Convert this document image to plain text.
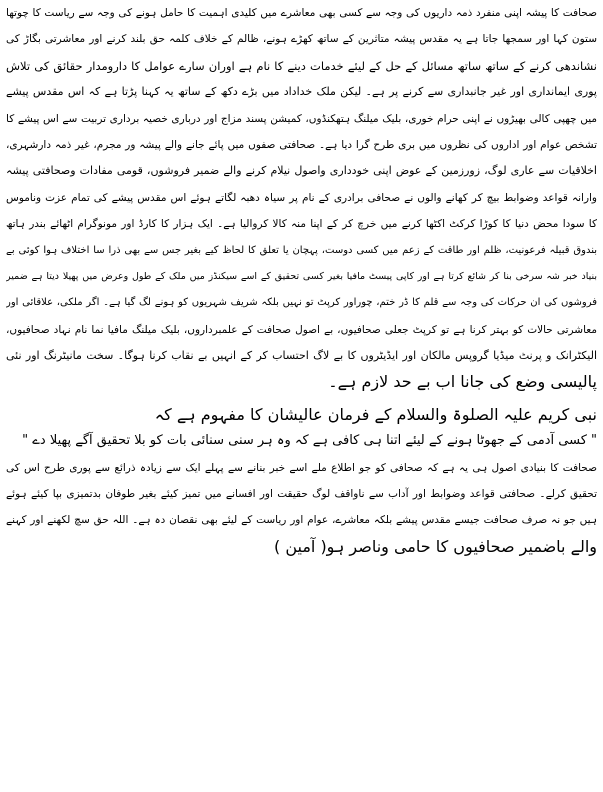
صحافت کا پیشہ اپنی منفرد ذمہ داریوں کی وجہ سے کسی بھی معاشرے میں کلیدی اہمیت کا حامل ہونے کی وجہ سے ریاست کا چوتھا
ستون کہا اور سمجھا جاتا ہے یہ مقدس پیشہ متاثرین کے ساتھ کھڑے ہونے، ظالم کے خلاف کلمہ حق بلند کرنے اور معاشرتی بگاڑ کی
نشاندھی کرنے کے ساتھ ساتھ مسائل کے حل کے لیئے خدمات دینے کا نام ہے اوران سارے عوامل کا دارومدار حقائق کی تلاش
پوری ایمانداری اور غیر جانبداری سے کرنے پر ہے۔ لیکن ملک خداداد میں بڑے دکھ کے ساتھ یہ کہنا پڑتا ہے کہ اس مقدس پیشے
میں چھپی کالی بھیڑوں نے اپنی حرام خوری، بلیک میلنگ ہتھکنڈوں، کمیشن پسند مزاج اور درباری خصیہ برداری تربیت سے اس پیشے کا
تشخص عوام اور اداروں کی نظروں میں بری طرح گرا دیا ہے۔ صحافتی صفوں میں پائے جانے والے پیشہ ور مجرم، غیر ذمہ دارشہری،
اخلاقیات سے عاری لوگ، زورزمین کے عوض اپنی خودداری واصول نیلام کرنے والے ضمیر فروشوں، قومی مفادات وصحافتی پیشہ
وارانہ قواعد وضوابط بیچ کر کھانے والوں نے صحافی برادری کے نام پر سیاہ دھبہ لگاتے ہوئے اس مقدس پیشے کی تمام عزت وناموس
کا سودا محض دنیا کا کوڑا کرکٹ اکٹھا کرنے میں خرچ کر کے اپنا منہ کالا کروالیا ہے۔ ایک ہزار کا کارڈ اور مونوگرام اٹھائے بندر ہاتھ
بندوق قبیلہ فرعونیت، ظلم اور طاقت کے زعم میں کسی دوست، پہچان یا تعلق کا لحاظ کیے بغیر جس سے بھی ذرا سا اختلاف ہوا کوئی بے
بنیاد خبر شہ سرخی بنا کر شائع کرتا ہے اور کاپی پیسٹ مافیا بغیر کسی تحقیق کے اسے سیکنڈز میں ملک کے طول وعرض میں پھیلا دیتا ہے ضمیر
فروشوں کی ان حرکات کی وجہ سے قلم کا ڈر ختم، چوراور کرپٹ تو نہیں بلکہ شریف شہریوں کو ہونے لگ گیا ہے۔ اگر ملکی، علاقائی اور
معاشرتی حالات کو بہتر کرنا ہے تو کرپٹ جعلی صحافیوں، بے اصول صحافت کے علمبرداروں، بلیک میلنگ مافیا نما نام نہاد صحافیوں،
الیکٹرانک و پرنٹ میڈیا گروپس مالکان اور ایڈیٹروں کا بے لاگ احتساب کر کے انہیں بے نقاب کرنا ہوگا۔ سخت مانیٹرنگ اور نئی
پالیسی وضع کی جانا اب بے حد لازم ہے۔
نبی کریم علیہ الصلوۃ والسلام کے فرمان عالیشان کا مفہوم ہے کہ
" کسی آدمی کے جھوٹا ہونے کے لیئے اتنا ہی کافی ہے کہ وہ ہر سنی سنائی بات کو بلا تحقیق آگے پھیلا دے "
صحافت کا بنیادی اصول ہی یہ ہے کہ صحافی کو جو اطلاع ملے اسے خبر بنانے سے پہلے ایک سے زیادہ ذرائع سے پوری طرح اس کی
تحقیق کرلے۔ صحافتی قواعد وضوابط اور آداب سے ناواقف لوگ حقیقت اور افسانے میں تمیز کیئے بغیر طوفان بدتمیزی بپا کیئے ہوئے
ہیں جو نہ صرف صحافت جیسے مقدس پیشے بلکہ معاشرے، عوام اور ریاست کے لیئے بھی نقصان دہ ہے۔ اللہ حق سچ لکھنے اور کہنے
والے باضمیر صحافیوں کا حامی وناصر ہو( آمین )
